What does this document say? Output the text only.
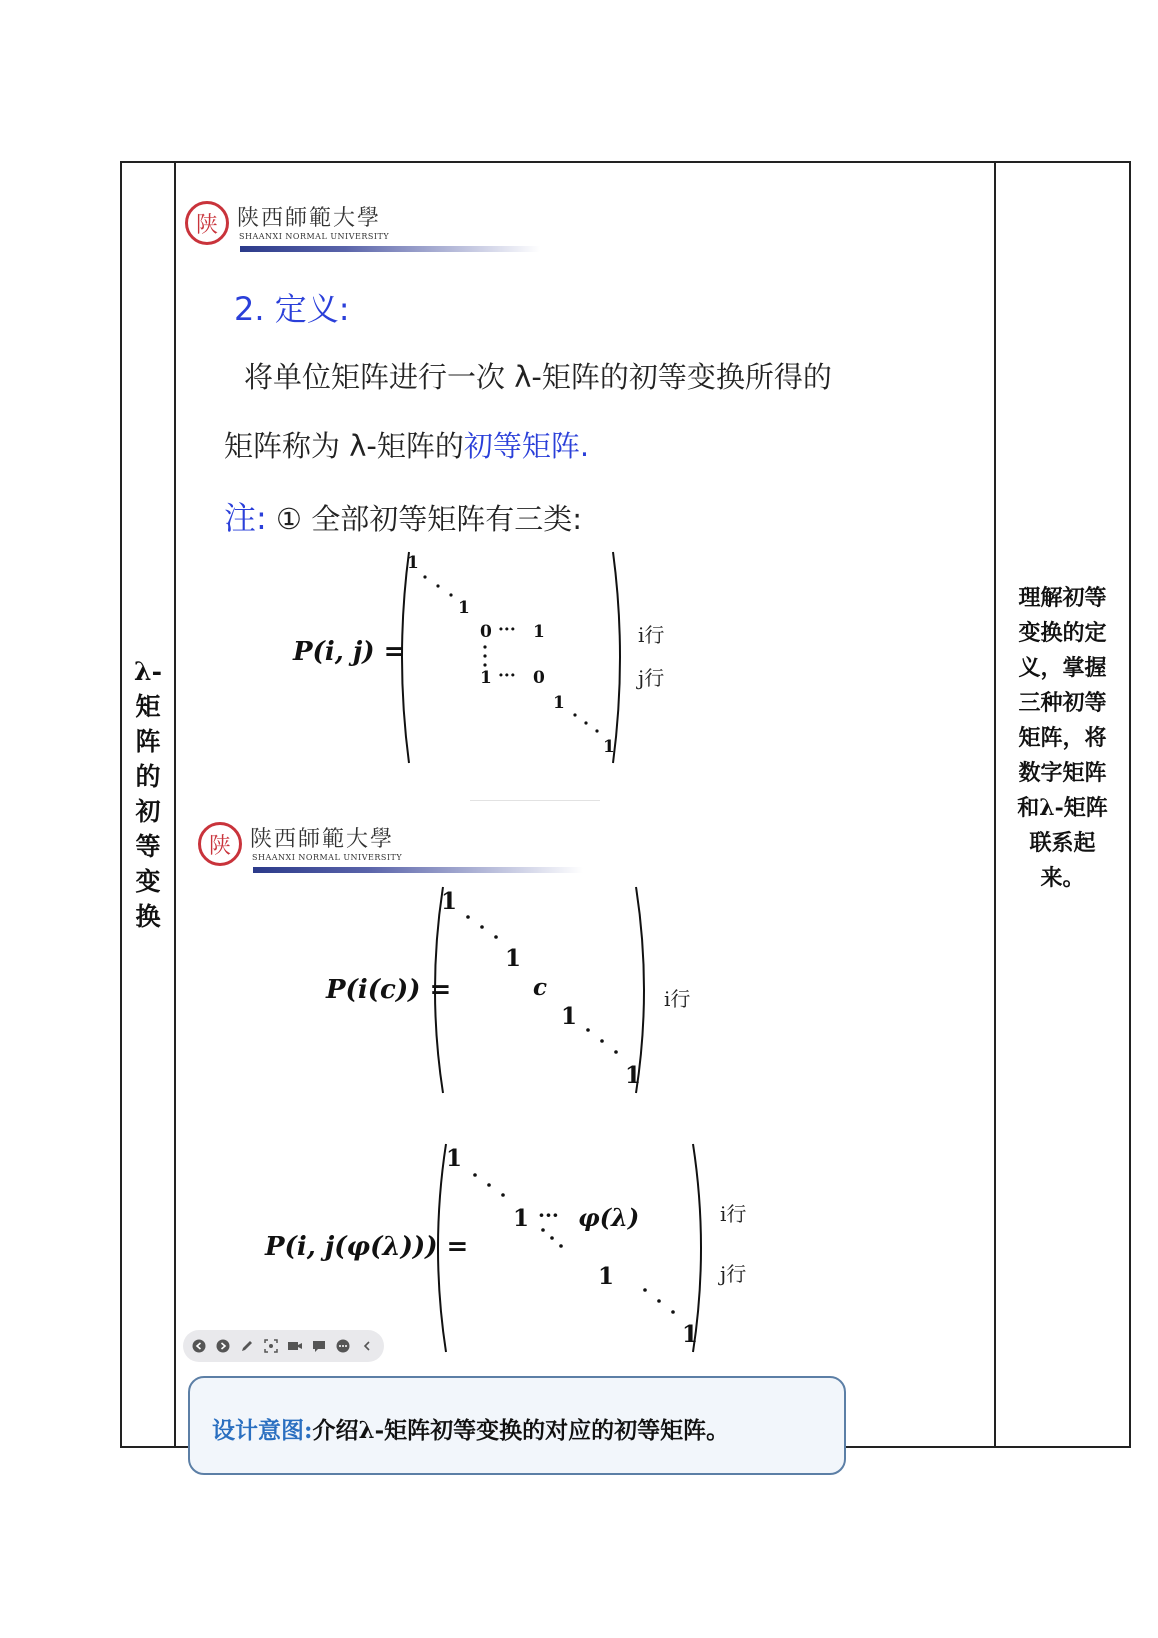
λ-
矩
阵
的
初
等
变
换
理解初等
变换的定
义，掌握
三种初等
矩阵，将
数字矩阵
和λ-矩阵
联系起
来。
陕 陕西師範大學
SHAANXI NORMAL UNIVERSITY
2. 定义:
将单位矩阵进行一次 λ-矩阵的初等变换所得的
矩阵称为 λ-矩阵的初等矩阵.
注: ① 全部初等矩阵有三类:
P(i, j) =
1
1
0 ··· 1
1 ··· 0
1
1
i行
j行
陕 陕西師範大學
SHAANXI NORMAL UNIVERSITY
P(i(c)) =
1
1
c
1
1
i行
P(i, j(φ(λ))) =
1
1 ··· φ(λ)
1
1
i行
j行
设计意图:介绍λ-矩阵初等变换的对应的初等矩阵。
